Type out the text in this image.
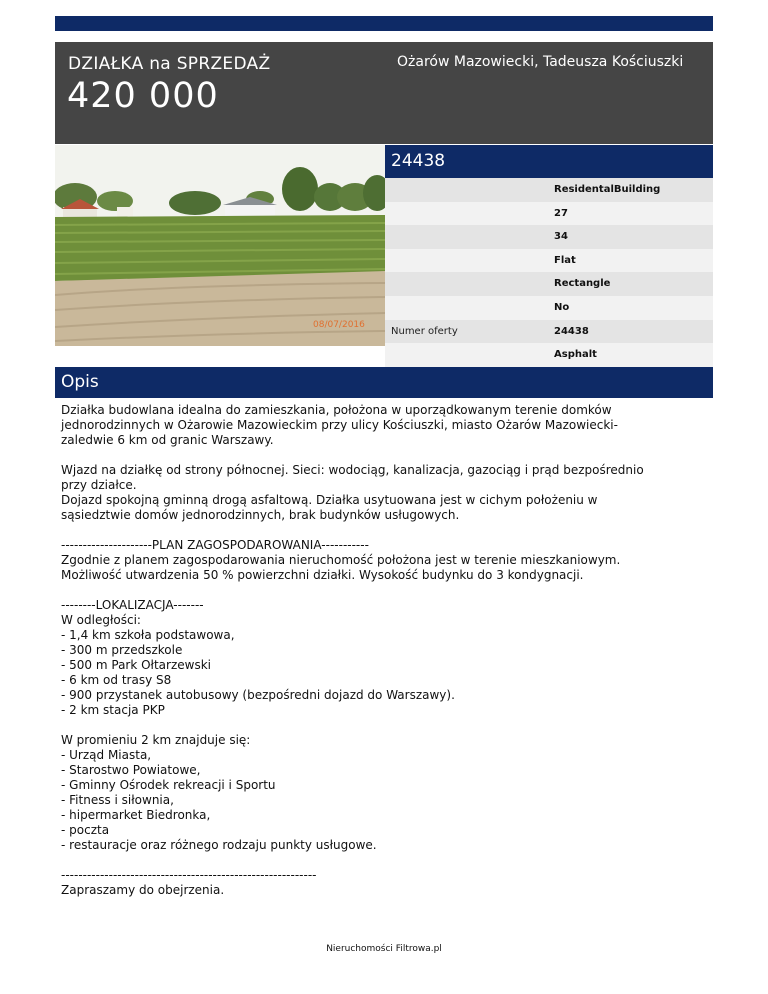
DZIAŁKA na SPRZEDAŻ
420 000
Ożarów Mazowiecki, Tadeusza Kościuszki
08/07/2016
24438
ResidentalBuilding
27
34
Flat
Rectangle
No
Numer oferty	24438
Asphalt
Opis
Działka budowlana idealna do zamieszkania, położona w uporządkowanym terenie domków
jednorodzinnych w Ożarowie Mazowieckim przy ulicy Kościuszki, miasto Ożarów Mazowiecki-
zaledwie 6 km od granic Warszawy.

Wjazd na działkę od strony północnej. Sieci: wodociąg, kanalizacja, gazociąg i prąd bezpośrednio
przy działce.
Dojazd spokojną gminną drogą asfaltową. Działka usytuowana jest w cichym położeniu w
sąsiedztwie domów jednorodzinnych, brak budynków usługowych.

---------------------PLAN ZAGOSPODAROWANIA-----------
Zgodnie z planem zagospodarowania nieruchomość położona jest w terenie mieszkaniowym.
Możliwość utwardzenia 50 % powierzchni działki. Wysokość budynku do 3 kondygnacji.

--------LOKALIZACJA-------
W odległości:
- 1,4 km szkoła podstawowa,
- 300 m przedszkole
- 500 m Park Ołtarzewski
- 6 km od trasy S8
- 900 przystanek autobusowy (bezpośredni dojazd do Warszawy).
- 2 km stacja PKP

W promieniu 2 km znajduje się:
- Urząd Miasta,
- Starostwo Powiatowe,
- Gminny Ośrodek rekreacji i Sportu
- Fitness i siłownia,
- hipermarket Biedronka,
- poczta
- restauracje oraz różnego rodzaju punkty usługowe.

-----------------------------------------------------------
Zapraszamy do obejrzenia.
Nieruchomości Filtrowa.pl
